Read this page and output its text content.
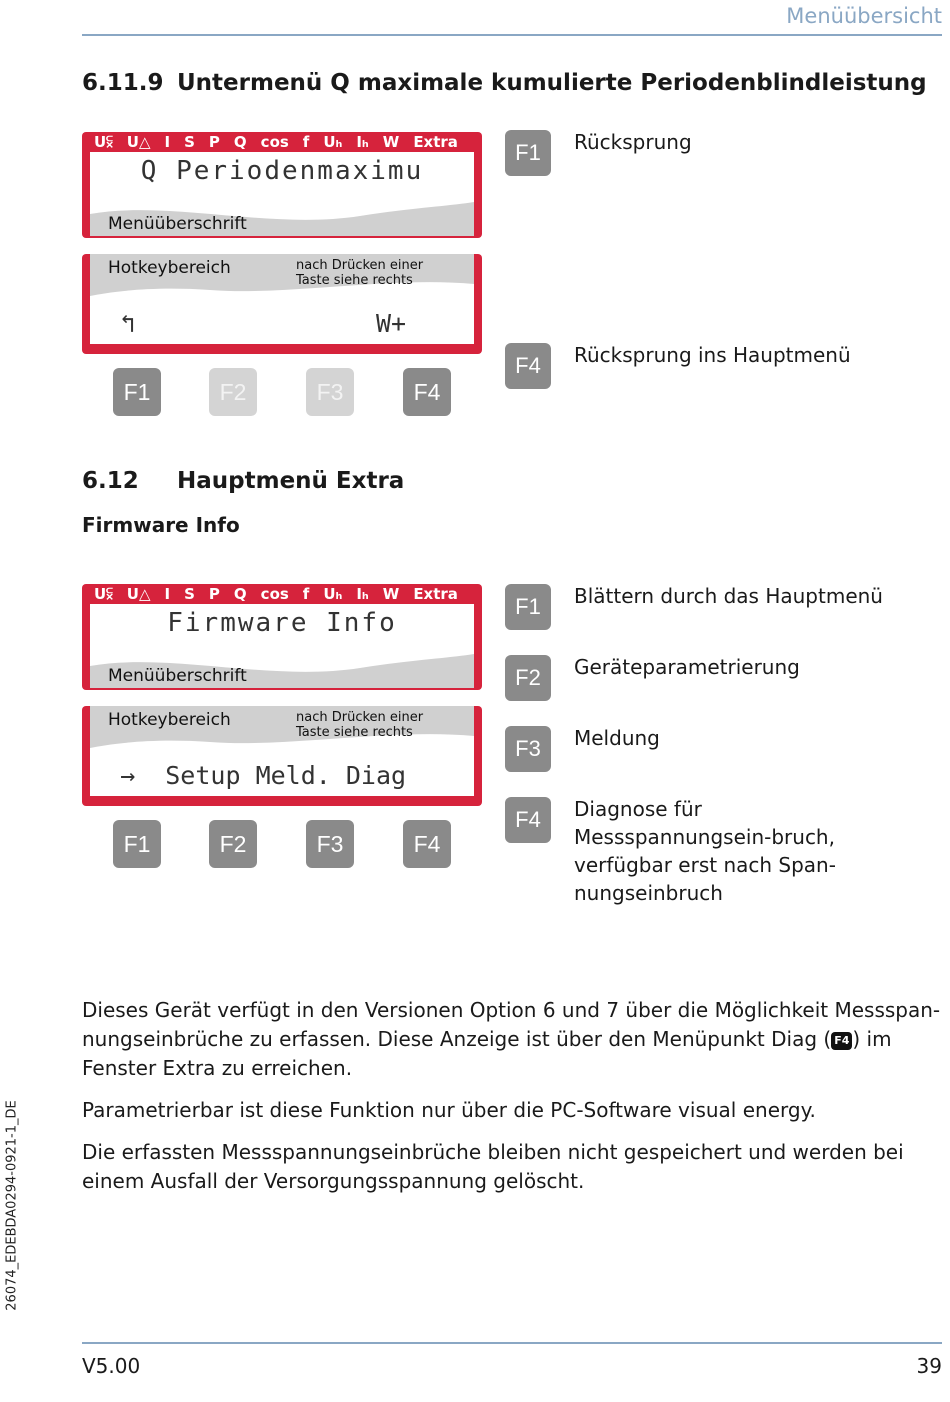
Menüübersicht
6.11.9 Untermenü Q maximale kumulierte Periodenblindleistung
U⫁ U△ I S P Q cos f Uₕ Iₕ W Extra
Q Periodenmaximu
Menüüberschrift
Hotkeybereich	nach Drücken einer
Taste siehe rechts
↰                W+
F1	F2	F3	F4
F1	Rücksprung
F4	Rücksprung ins Hauptmenü
6.12 Hauptmenü Extra
Firmware Info
U⫁ U△ I S P Q cos f Uₕ Iₕ W Extra
Firmware Info
Menüüberschrift
Hotkeybereich	nach Drücken einer
Taste siehe rechts
→  Setup Meld. Diag
F1	F2	F3	F4
F1	Blättern durch das Hauptmenü
F2	Geräteparametrierung
F3	Meldung
F4	Diagnose für Messspannungsein-bruch, verfügbar erst nach Span-nungseinbruch
Dieses Gerät verfügt in den Versionen Option 6 und 7 über die Möglichkeit Messspan-nungseinbrüche zu erfassen. Diese Anzeige ist über den Menüpunkt Diag ( F4 ) im Fenster Extra zu erreichen.
Parametrierbar ist diese Funktion nur über die PC-Software visual energy.
Die erfassten Messspannungseinbrüche bleiben nicht gespeichert und werden bei einem Ausfall der Versorgungsspannung gelöscht.
26074_EDEBDA0294-0921-1_DE
V5.00	39
